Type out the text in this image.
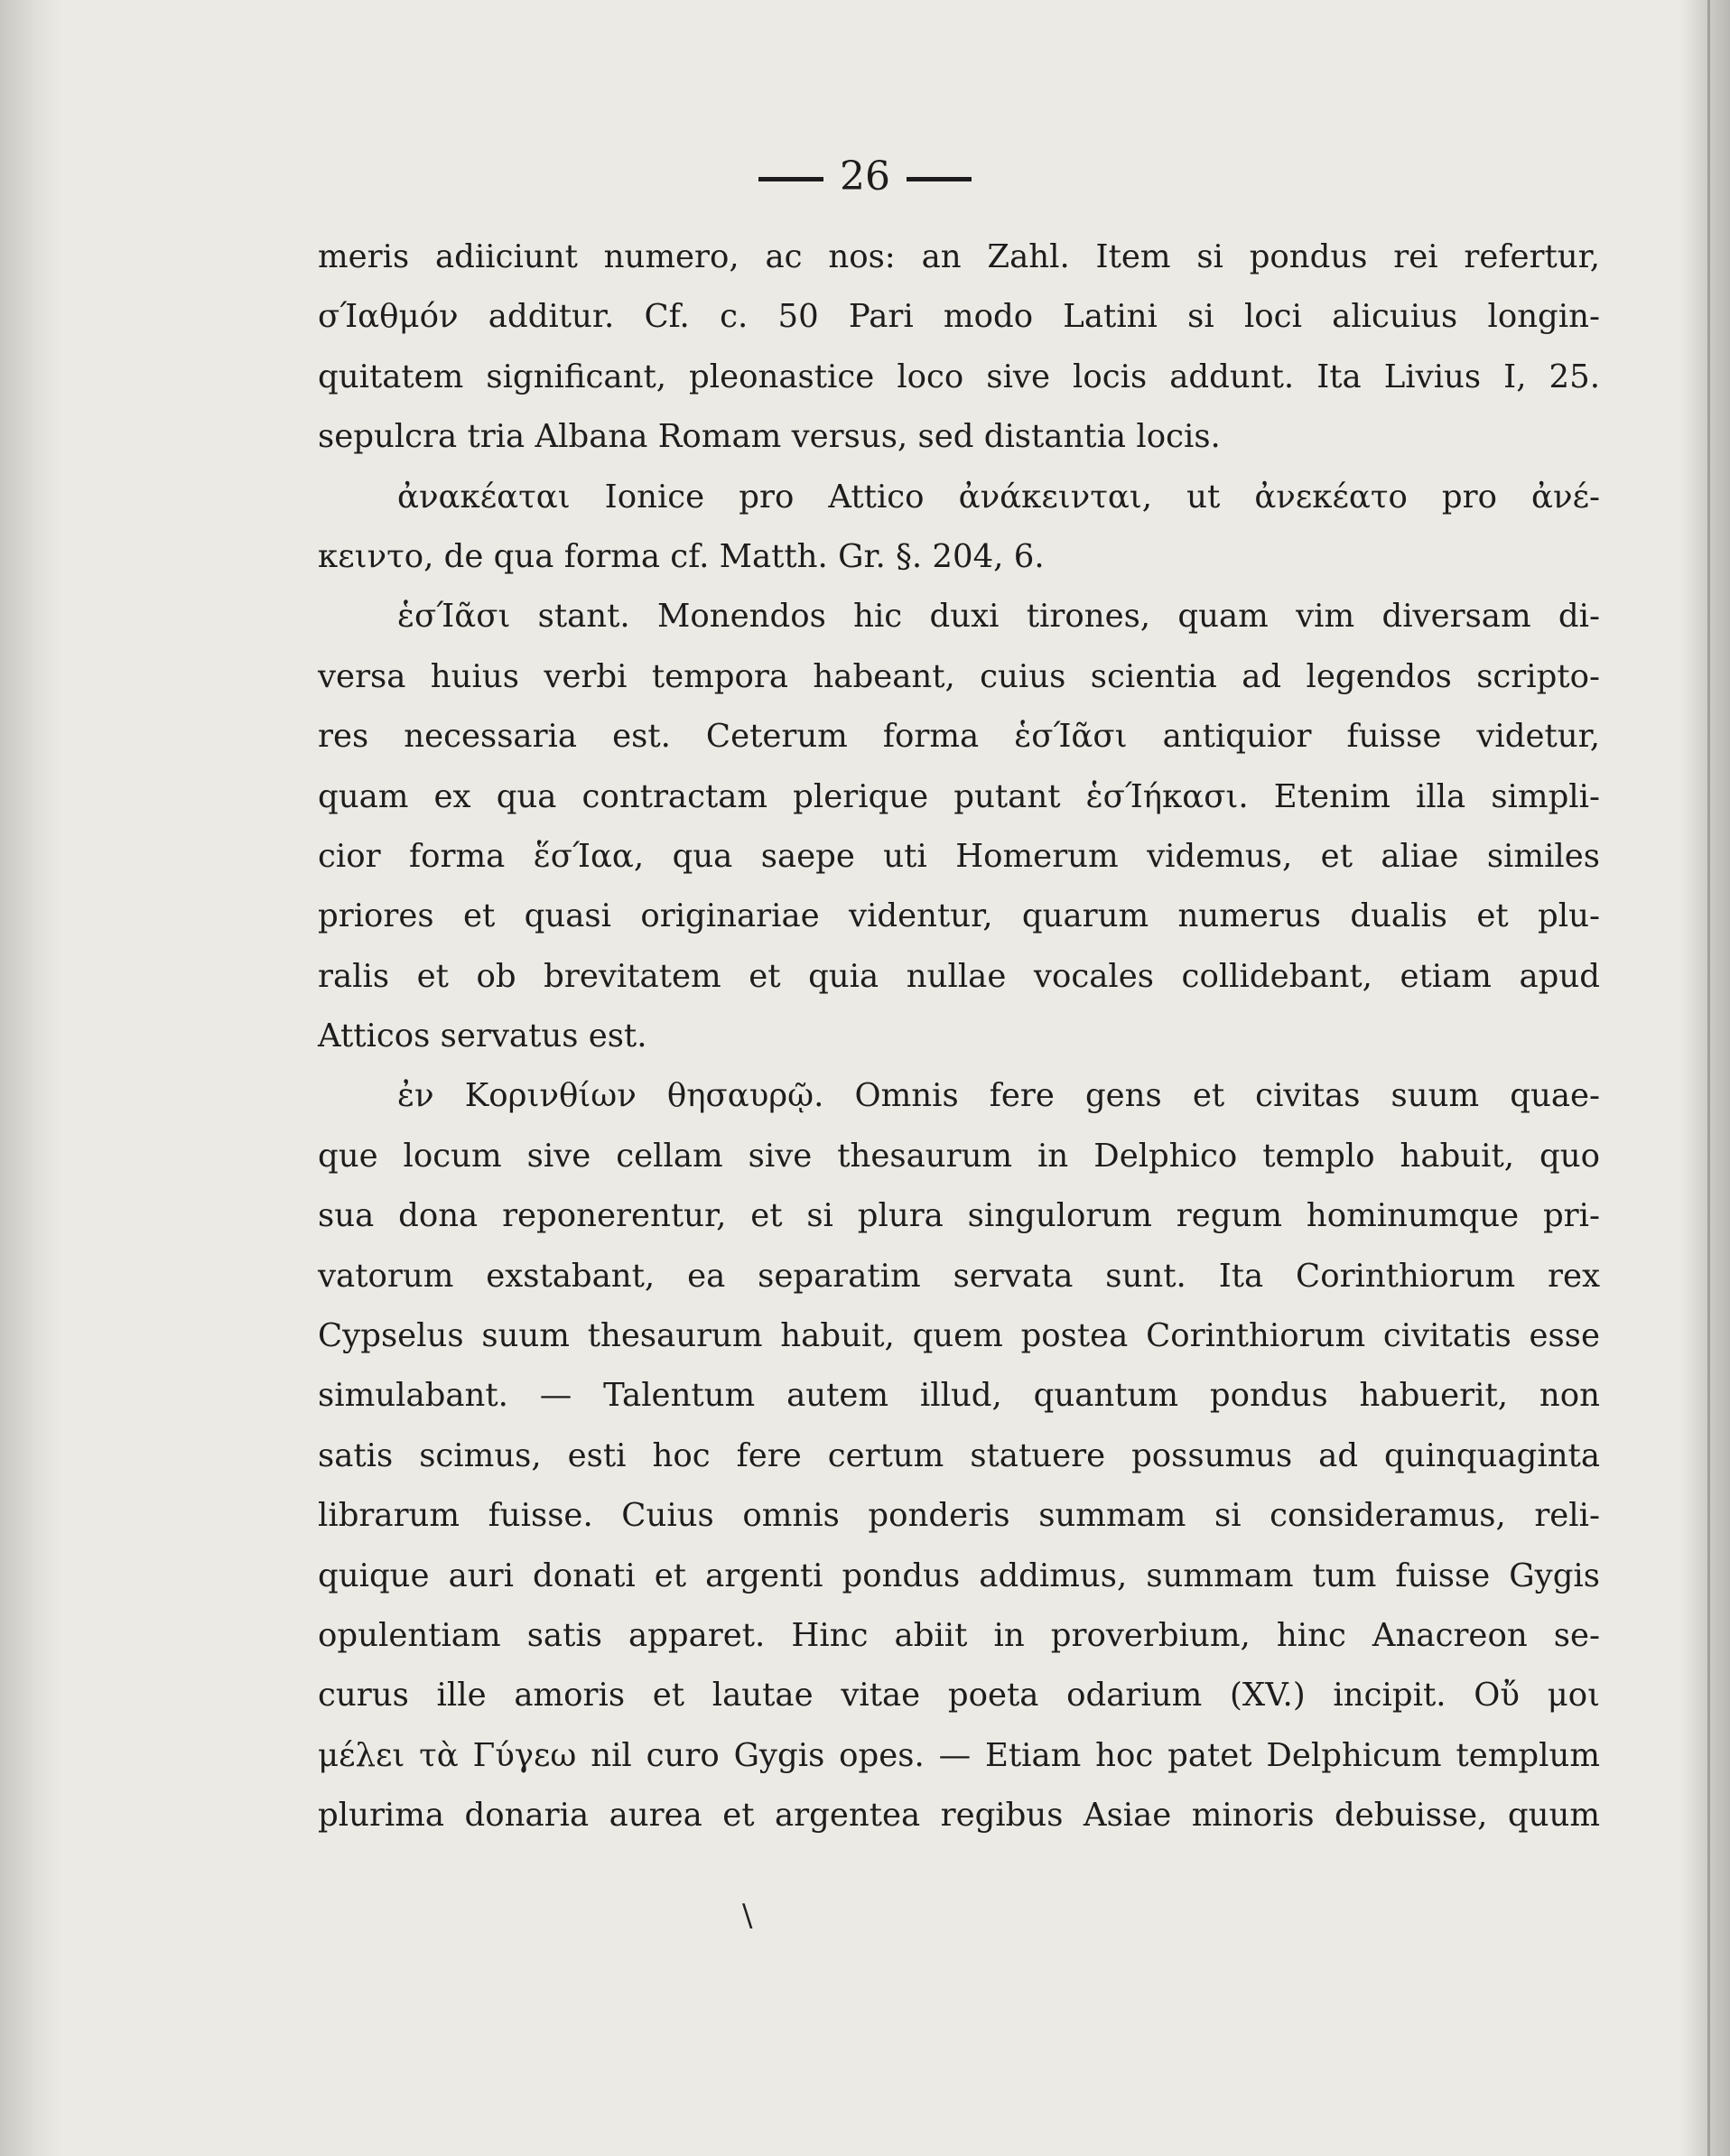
26
meris adiiciunt numero, ac nos: an Zahl. Item si pondus rei refertur,
σΊαθμόν additur. Cf. c. 50 Pari modo Latini si loci alicuius longin-
quitatem significant, pleonastice loco sive locis addunt. Ita Livius I, 25.
sepulcra tria Albana Romam versus, sed distantia locis.
ἀνακέαται Ionice pro Attico ἀνάκεινται, ut ἀνεκέατο pro ἀνέ-
κειντο, de qua forma cf. Matth. Gr. §. 204, 6.
ἑσΊᾶσι stant. Monendos hic duxi tirones, quam vim diversam di-
versa huius verbi tempora habeant, cuius scientia ad legendos scripto-
res necessaria est. Ceterum forma ἑσΊᾶσι antiquior fuisse videtur,
quam ex qua contractam plerique putant ἑσΊήκασι. Etenim illa simpli-
cior forma ἕσΊαα, qua saepe uti Homerum videmus, et aliae similes
priores et quasi originariae videntur, quarum numerus dualis et plu-
ralis et ob brevitatem et quia nullae vocales collidebant, etiam apud
Atticos servatus est.
ἐν Κορινθίων θησαυρῷ. Omnis fere gens et civitas suum quae-
que locum sive cellam sive thesaurum in Delphico templo habuit, quo
sua dona reponerentur, et si plura singulorum regum hominumque pri-
vatorum exstabant, ea separatim servata sunt. Ita Corinthiorum rex
Cypselus suum thesaurum habuit, quem postea Corinthiorum civitatis esse
simulabant. — Talentum autem illud, quantum pondus habuerit, non
satis scimus, esti hoc fere certum statuere possumus ad quinquaginta
librarum fuisse. Cuius omnis ponderis summam si consideramus, reli-
quique auri donati et argenti pondus addimus, summam tum fuisse Gygis
opulentiam satis apparet. Hinc abiit in proverbium, hinc Anacreon se-
curus ille amoris et lautae vitae poeta odarium (XV.) incipit. Οὔ μοι
μέλει τὰ Γύγεω nil curo Gygis opes. — Etiam hoc patet Delphicum templum
plurima donaria aurea et argentea regibus Asiae minoris debuisse, quum
\
